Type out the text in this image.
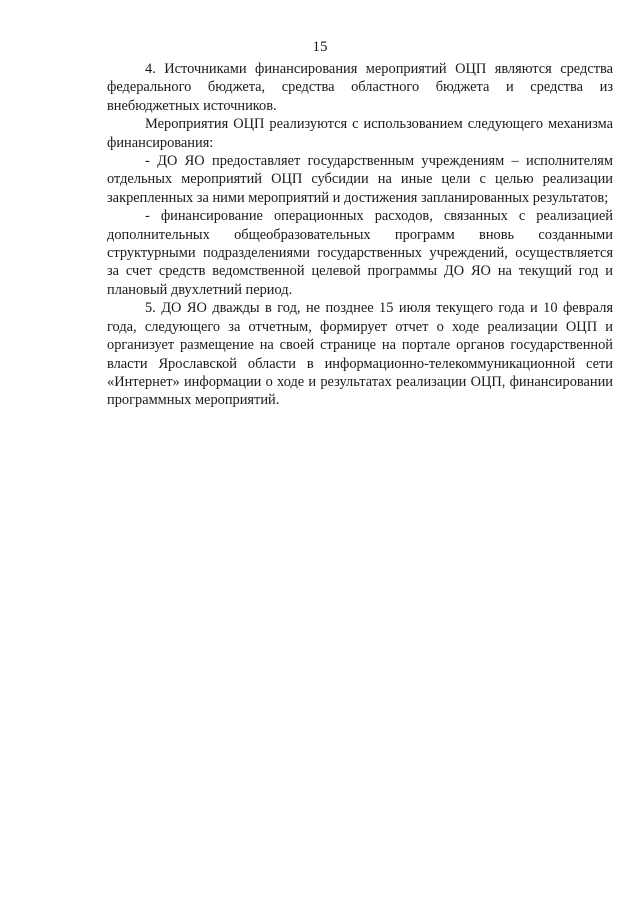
15

4. Источниками финансирования мероприятий ОЦП являются средства федерального бюджета, средства областного бюджета и средства из внебюджетных источников.

Мероприятия ОЦП реализуются с использованием следующего механизма финансирования:

- ДО ЯО предоставляет государственным учреждениям – исполнителям отдельных мероприятий ОЦП субсидии на иные цели с целью реализации закрепленных за ними мероприятий и достижения запланированных результатов;

- финансирование операционных расходов, связанных с реализацией дополнительных общеобразовательных программ вновь созданными структурными подразделениями государственных учреждений, осуществляется за счет средств ведомственной целевой программы ДО ЯО на текущий год и плановый двухлетний период.

5. ДО ЯО дважды в год, не позднее 15 июля текущего года и 10 февраля года, следующего за отчетным, формирует отчет о ходе реализации ОЦП и организует размещение на своей странице на портале органов государственной власти Ярославской области в информационно-телекоммуникационной сети «Интернет» информации о ходе и результатах реализации ОЦП, финансировании программных мероприятий.
